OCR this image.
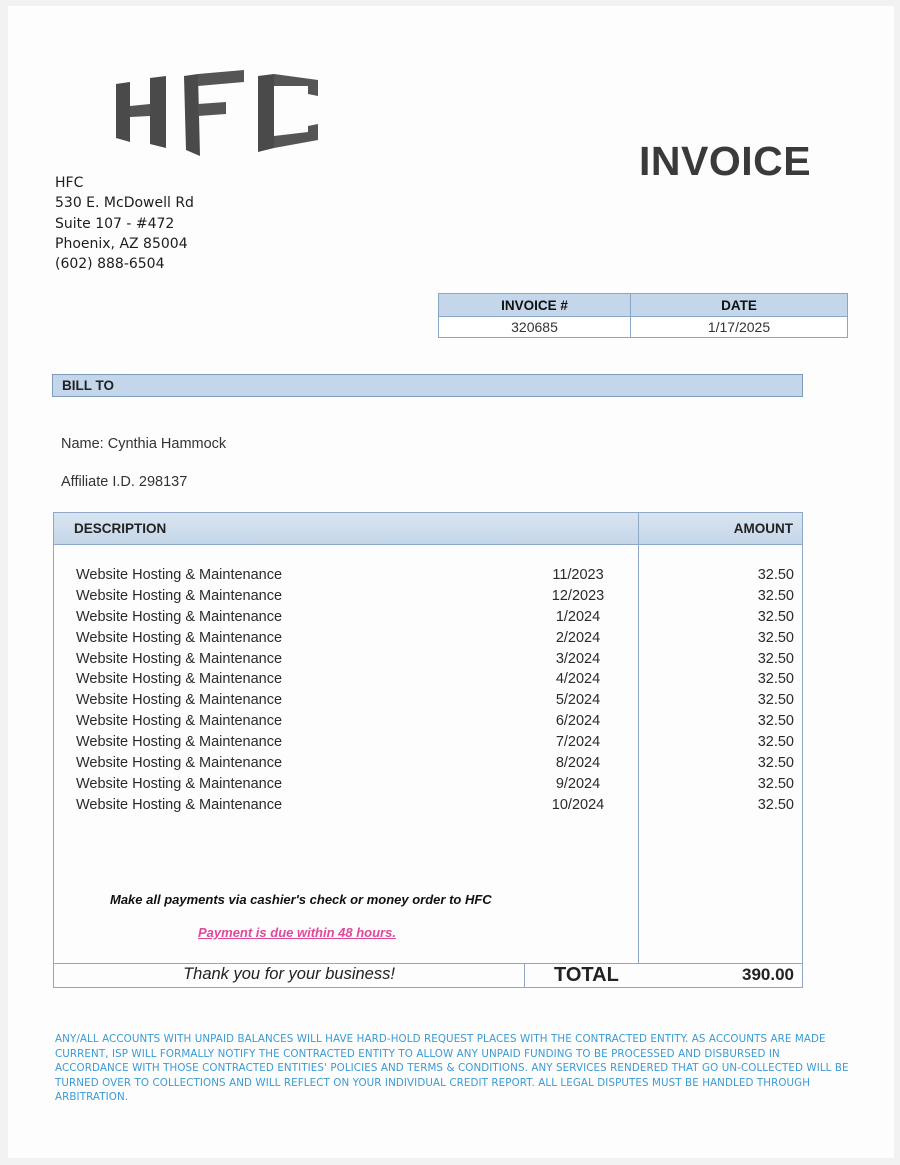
HFC
530 E. McDowell Rd
Suite 107 - #472
Phoenix, AZ 85004
(602) 888-6504
INVOICE
INVOICE #	DATE
320685	1/17/2025
BILL TO
Name: Cynthia Hammock
Affiliate I.D. 298137
DESCRIPTION	AMOUNT
Website Hosting & Maintenance	11/2023	32.50
Website Hosting & Maintenance	12/2023	32.50
Website Hosting & Maintenance	1/2024	32.50
Website Hosting & Maintenance	2/2024	32.50
Website Hosting & Maintenance	3/2024	32.50
Website Hosting & Maintenance	4/2024	32.50
Website Hosting & Maintenance	5/2024	32.50
Website Hosting & Maintenance	6/2024	32.50
Website Hosting & Maintenance	7/2024	32.50
Website Hosting & Maintenance	8/2024	32.50
Website Hosting & Maintenance	9/2024	32.50
Website Hosting & Maintenance	10/2024	32.50
Make all payments via cashier's check or money order to HFC
Payment is due within 48 hours.
Thank you for your business!	TOTAL	390.00
ANY/ALL ACCOUNTS WITH UNPAID BALANCES WILL HAVE HARD-HOLD REQUEST PLACES WITH THE CONTRACTED ENTITY. AS ACCOUNTS ARE MADE CURRENT, ISP WILL FORMALLY NOTIFY THE CONTRACTED ENTITY TO ALLOW ANY UNPAID FUNDING TO BE PROCESSED AND DISBURSED IN ACCORDANCE WITH THOSE CONTRACTED ENTITIES' POLICIES AND TERMS & CONDITIONS. ANY SERVICES RENDERED THAT GO UN-COLLECTED WILL BE TURNED OVER TO COLLECTIONS AND WILL REFLECT ON YOUR INDIVIDUAL CREDIT REPORT. ALL LEGAL DISPUTES MUST BE HANDLED THROUGH ARBITRATION.
